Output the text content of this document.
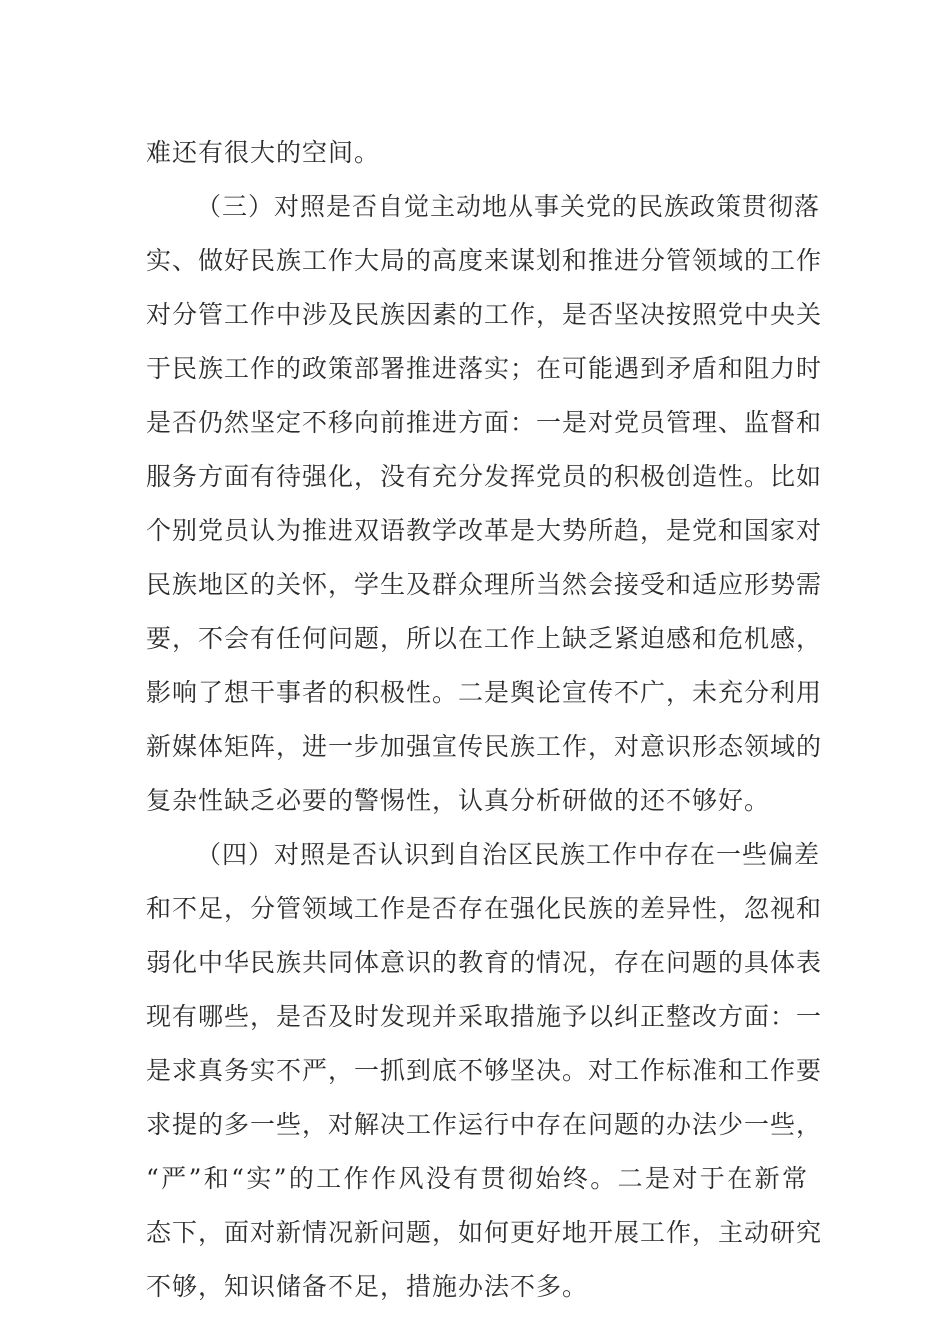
难还有很大的空间。
（三）对照是否自觉主动地从事关党的民族政策贯彻落
实、做好民族工作大局的高度来谋划和推进分管领域的工作
对分管工作中涉及民族因素的工作，是否坚决按照党中央关
于民族工作的政策部署推进落实；在可能遇到矛盾和阻力时
是否仍然坚定不移向前推进方面：一是对党员管理、监督和
服务方面有待强化，没有充分发挥党员的积极创造性。比如
个别党员认为推进双语教学改革是大势所趋，是党和国家对
民族地区的关怀，学生及群众理所当然会接受和适应形势需
要，不会有任何问题，所以在工作上缺乏紧迫感和危机感，
影响了想干事者的积极性。二是舆论宣传不广，未充分利用
新媒体矩阵，进一步加强宣传民族工作，对意识形态领域的
复杂性缺乏必要的警惕性，认真分析研做的还不够好。
（四）对照是否认识到自治区民族工作中存在一些偏差
和不足，分管领域工作是否存在强化民族的差异性，忽视和
弱化中华民族共同体意识的教育的情况，存在问题的具体表
现有哪些，是否及时发现并采取措施予以纠正整改方面：一
是求真务实不严，一抓到底不够坚决。对工作标准和工作要
求提的多一些，对解决工作运行中存在问题的办法少一些，
“严”和“实”的工作作风没有贯彻始终。二是对于在新常
态下，面对新情况新问题，如何更好地开展工作，主动研究
不够，知识储备不足，措施办法不多。
